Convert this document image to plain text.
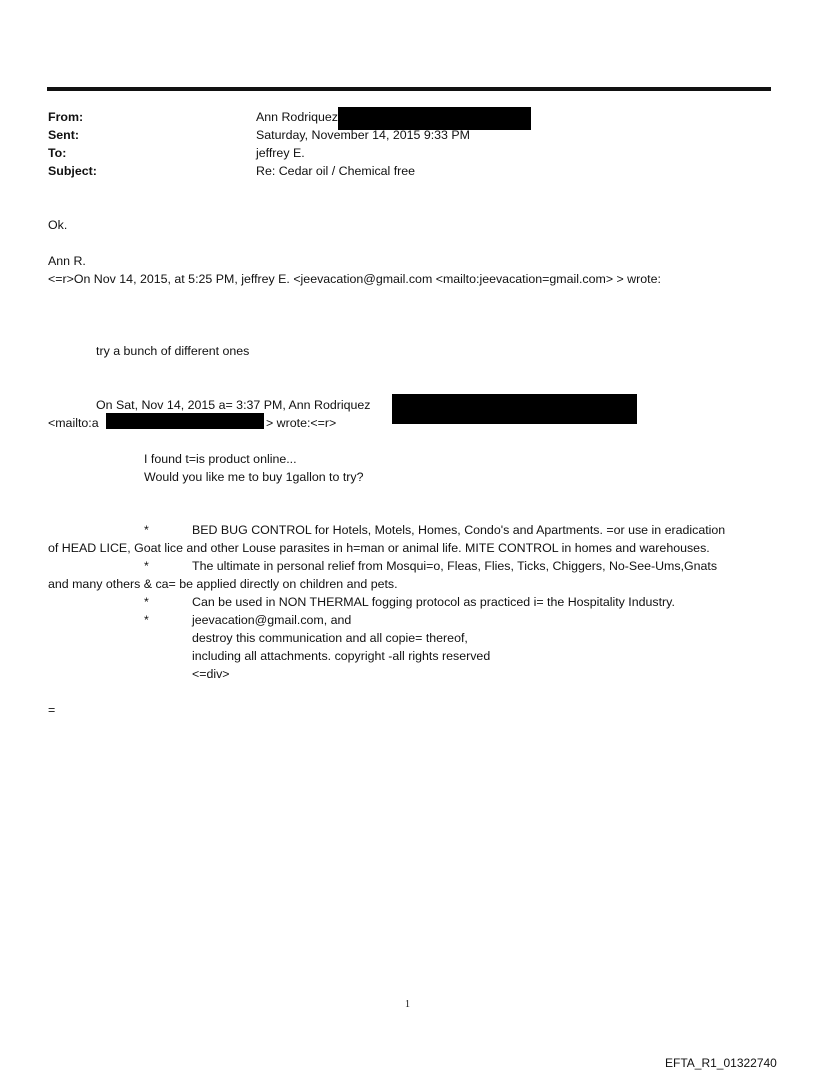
From:	Ann Rodriquez
Sent:	Saturday, November 14, 2015 9:33 PM
To:	jeffrey E.
Subject:	Re: Cedar oil / Chemical free
Ok.
Ann R.
<=r>On Nov 14, 2015, at 5:25 PM, jeffrey E. <jeevacation@gmail.com <mailto:jeevacation=gmail.com> > wrote:
try a bunch of different ones
On Sat, Nov 14, 2015 a= 3:37 PM, Ann Rodriquez
<mailto:a	> wrote:<=r>
I found t=is product online...
Would you like me to buy 1gallon to try?
*	BED BUG CONTROL for Hotels, Motels, Homes, Condo's and Apartments. =or use in eradication
of HEAD LICE, Goat lice and other Louse parasites in h=man or animal life. MITE CONTROL in homes and warehouses.
*	The ultimate in personal relief from Mosqui=o, Fleas, Flies, Ticks, Chiggers, No-See-Ums,Gnats
and many others & ca= be applied directly on children and pets.
*	Can be used in NON THERMAL fogging protocol as practiced i= the Hospitality Industry.
*	jeevacation@gmail.com, and
destroy this communication and all copie= thereof,
including all attachments. copyright -all rights reserved
<=div>
=
1
EFTA_R1_01322740
